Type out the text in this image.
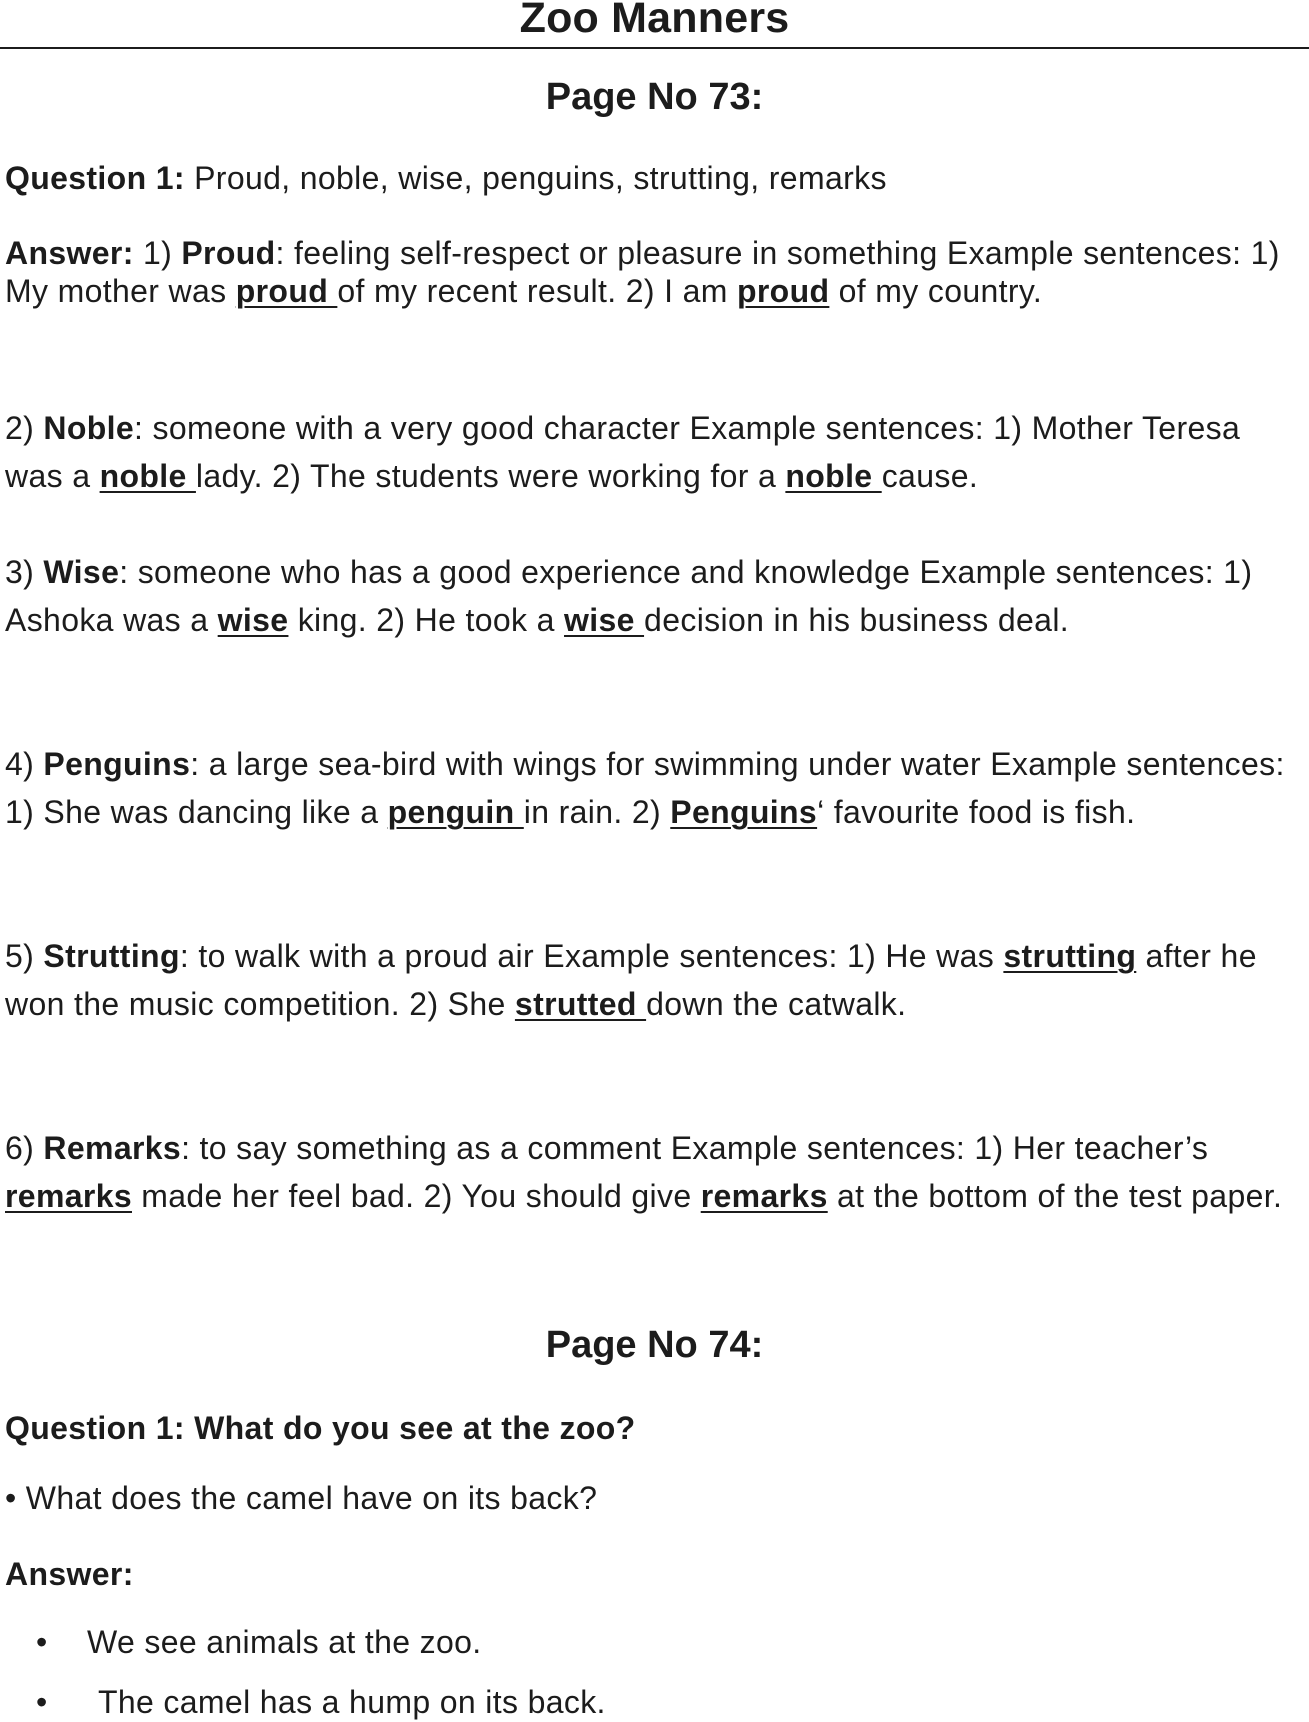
Zoo Manners
Page No 73:

Question 1: Proud, noble, wise, penguins, strutting, remarks

Answer: 1) Proud: feeling self-respect or pleasure in something Example sentences: 1) My mother was proud of my recent result. 2) I am proud of my country.

2) Noble: someone with a very good character Example sentences: 1) Mother Teresa was a noble lady. 2) The students were working for a noble cause.

3) Wise: someone who has a good experience and knowledge Example sentences: 1) Ashoka was a wise king. 2) He took a wise decision in his business deal.

4) Penguins: a large sea-bird with wings for swimming under water Example sentences: 1) She was dancing like a penguin in rain. 2) Penguins‘ favourite food is fish.

5) Strutting: to walk with a proud air Example sentences: 1) He was strutting after he won the music competition. 2) She strutted down the catwalk.

6) Remarks: to say something as a comment Example sentences: 1) Her teacher’s remarks made her feel bad. 2) You should give remarks at the bottom of the test paper.

Page No 74:

Question 1: What do you see at the zoo?

• What does the camel have on its back?

Answer:

• We see animals at the zoo.
• The camel has a hump on its back.
